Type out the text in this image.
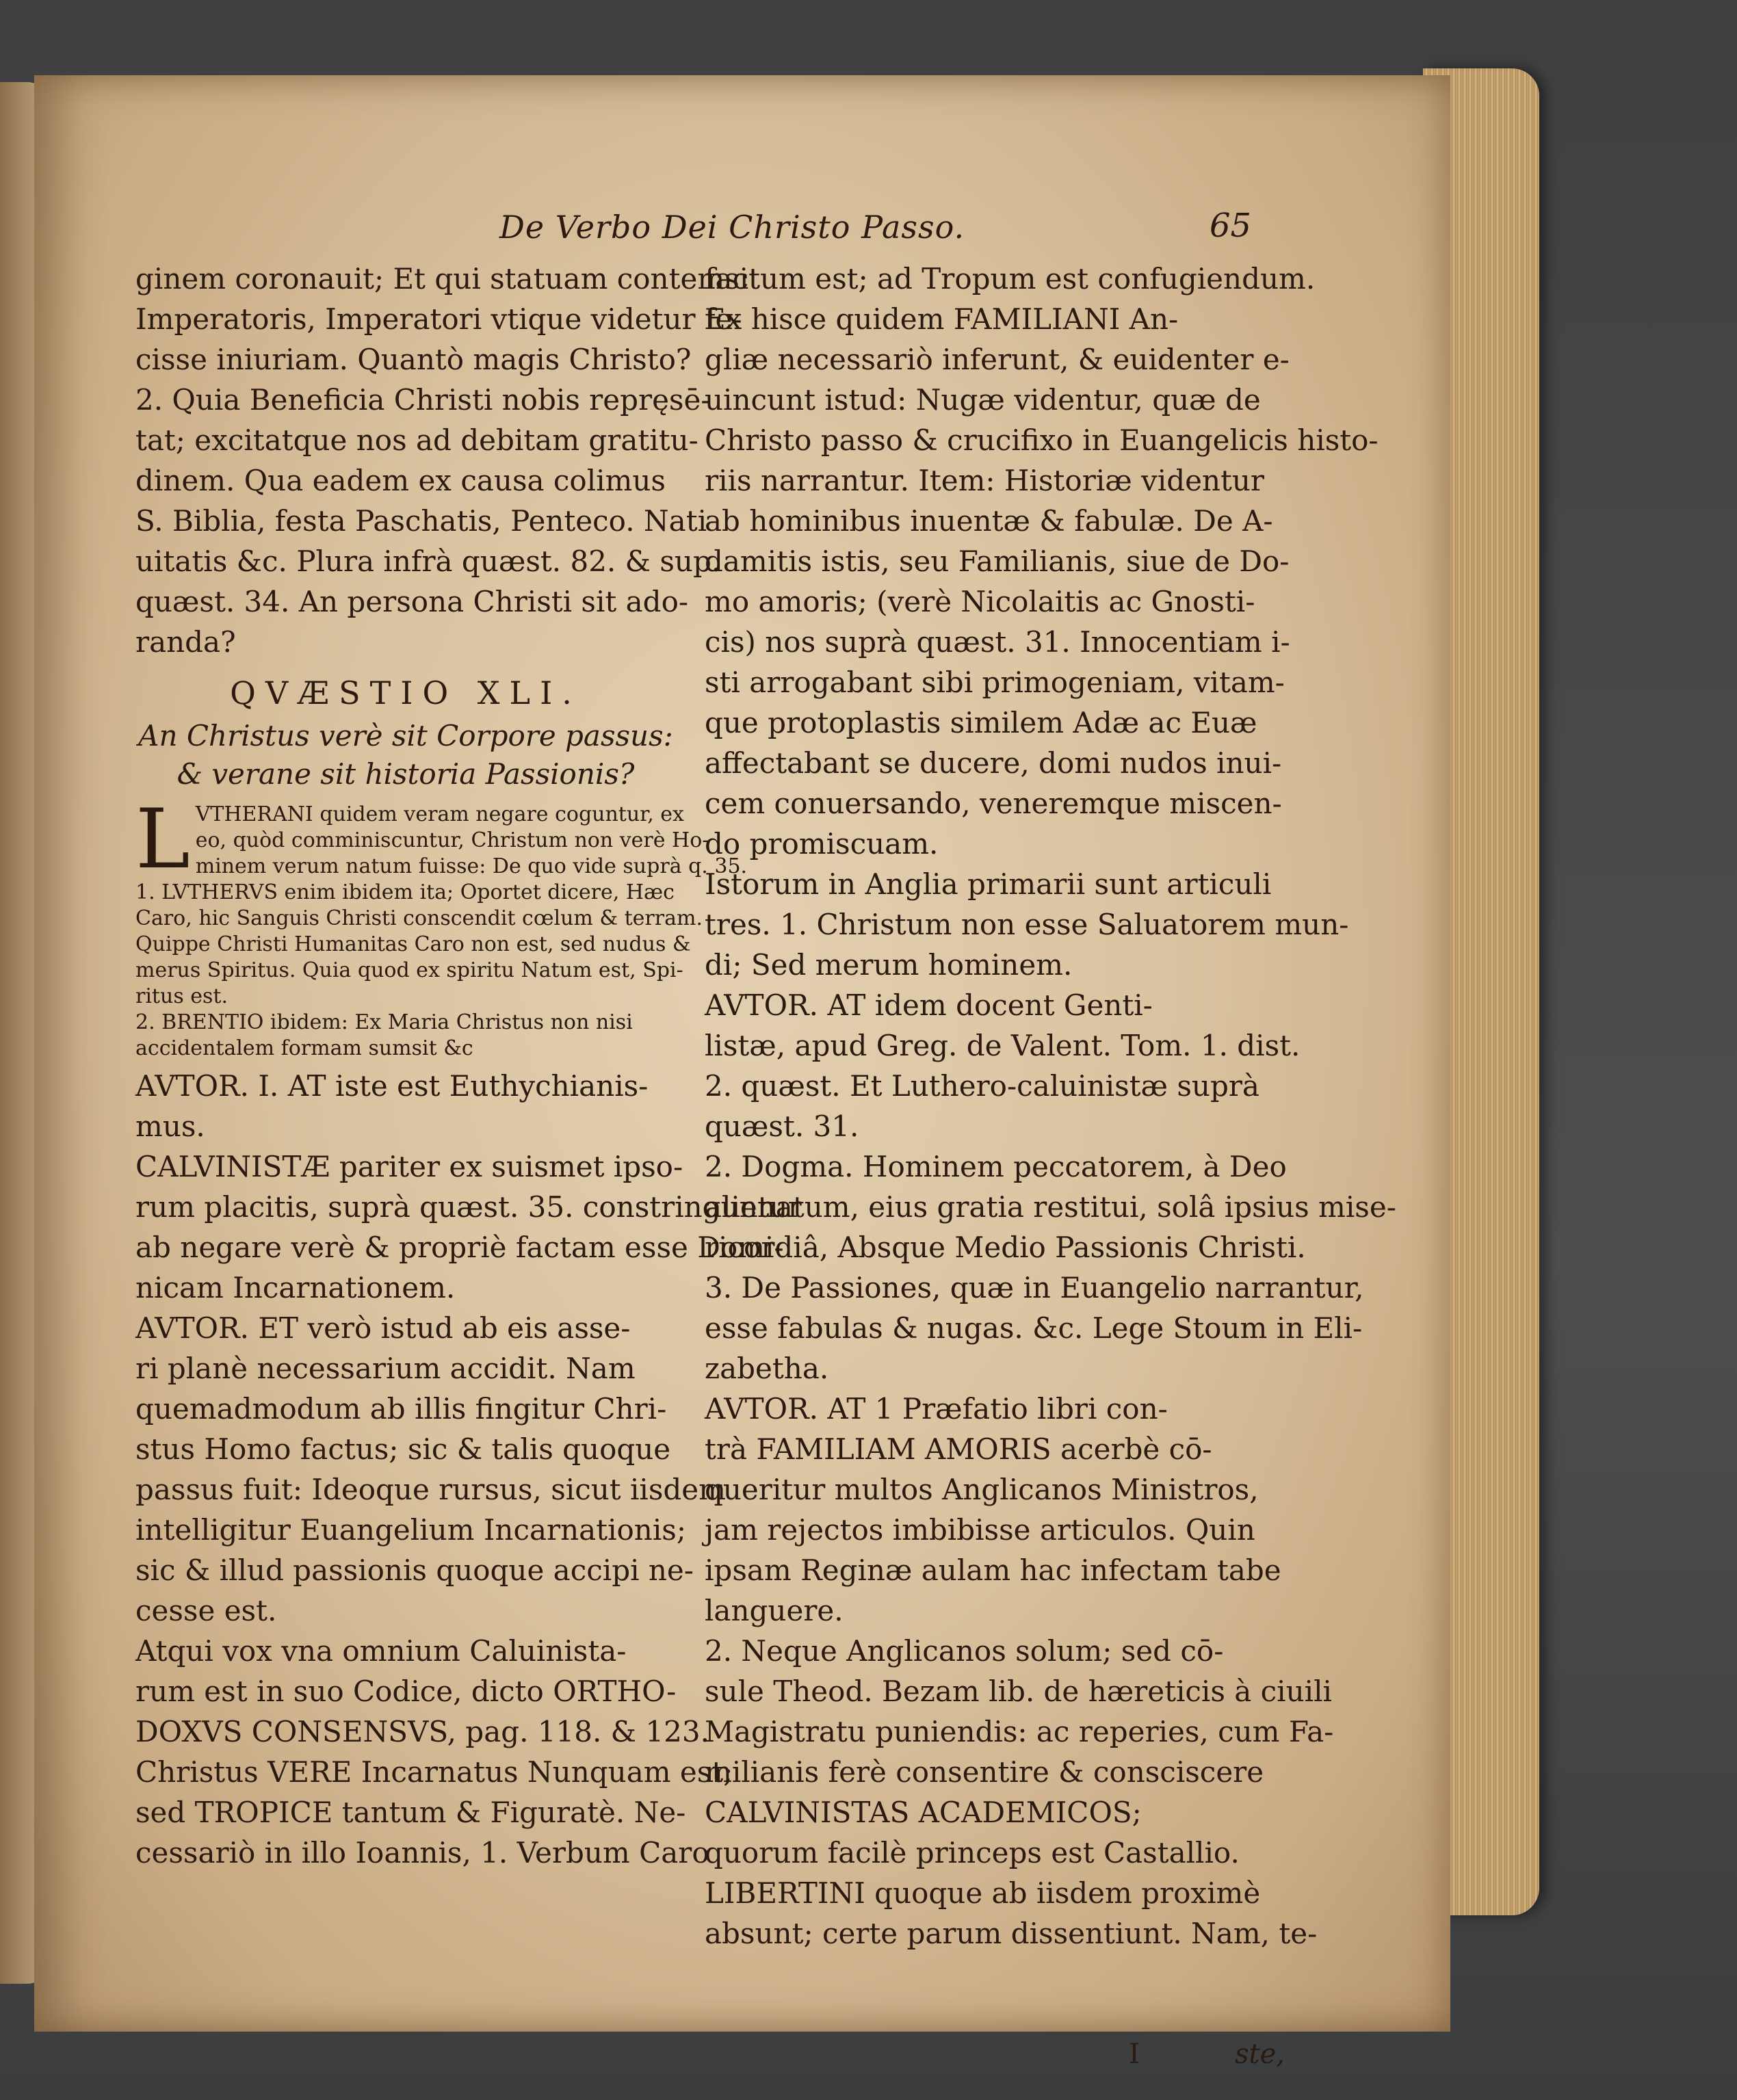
De Verbo Dei Christo Passo.	65
ginem coronauit; Et qui statuam contemsit
Imperatoris, Imperatori vtique videtur fe-
cisse iniuriam. Quantò magis Christo?
2. Quia Beneficia Christi nobis repręsē-
tat; excitatque nos ad debitam gratitu-
dinem. Qua eadem ex causa colimus
S. Biblia, festa Paschatis, Penteco. Nati
uitatis &c. Plura infrà quæst. 82. & sup.
quæst. 34. An persona Christi sit ado-
randa?
QVÆSTIO XLI.
An Christus verè sit Corpore passus:
& verane sit historia Passionis?
L VTHERANI quidem veram negare coguntur, ex
eo, quòd comminiscuntur, Christum non verè Ho-
minem verum natum fuisse: De quo vide suprà q. 35.
1. LVTHERVS enim ibidem ita; Oportet dicere, Hæc
Caro, hic Sanguis Christi conscendit cœlum & terram.
Quippe Christi Humanitas Caro non est, sed nudus &
merus Spiritus. Quia quod ex spiritu Natum est, Spi-
ritus est.
2. BRENTIO ibidem: Ex Maria Christus non nisi
accidentalem formam sumsit &c
AVTOR. I. AT iste est Euthychianis-
mus.
CALVINISTÆ pariter ex suismet ipso-
rum placitis, suprà quæst. 35. constringuntur
ab negare verè & propriè factam esse Domi-
nicam Incarnationem.
AVTOR. ET verò istud ab eis asse-
ri planè necessarium accidit. Nam
quemadmodum ab illis fingitur Chri-
stus Homo factus; sic & talis quoque
passus fuit: Ideoque rursus, sicut iisdem
intelligitur Euangelium Incarnationis;
sic & illud passionis quoque accipi ne-
cesse est.
Atqui vox vna omnium Caluinista-
rum est in suo Codice, dicto ORTHO-
DOXVS CONSENSVS, pag. 118. & 123.
Christus VERE Incarnatus Nunquam est;
sed TROPICE tantum & Figuratè. Ne-
cessariò in illo Ioannis, 1. Verbum Caro
factum est; ad Tropum est confugiendum.
Ex hisce quidem FAMILIANI An-
gliæ necessariò inferunt, & euidenter e-
uincunt istud: Nugæ videntur, quæ de
Christo passo & crucifixo in Euangelicis histo-
riis narrantur. Item: Historiæ videntur
ab hominibus inuentæ & fabulæ. De A-
damitis istis, seu Familianis, siue de Do-
mo amoris; (verè Nicolaitis ac Gnosti-
cis) nos suprà quæst. 31. Innocentiam i-
sti arrogabant sibi primogeniam, vitam-
que protoplastis similem Adæ ac Euæ
affectabant se ducere, domi nudos inui-
cem conuersando, veneremque miscen-
do promiscuam.
Istorum in Anglia primarii sunt articuli
tres. 1. Christum non esse Saluatorem mun-
di; Sed merum hominem.
AVTOR. AT idem docent Genti-
listæ, apud Greg. de Valent. Tom. 1. dist.
2. quæst. Et Luthero-caluinistæ suprà
quæst. 31.
2. Dogma. Hominem peccatorem, à Deo
alienatum, eius gratia restitui, solâ ipsius mise-
ricordiâ, Absque Medio Passionis Christi.
3. De Passiones, quæ in Euangelio narrantur,
esse fabulas & nugas. &c. Lege Stoum in Eli-
zabetha.
AVTOR. AT 1 Præfatio libri con-
trà FAMILIAM AMORIS acerbè cō-
queritur multos Anglicanos Ministros,
jam rejectos imbibisse articulos. Quin
ipsam Reginæ aulam hac infectam tabe
languere.
2. Neque Anglicanos solum; sed cō-
sule Theod. Bezam lib. de hæreticis à ciuili
Magistratu puniendis: ac reperies, cum Fa-
milianis ferè consentire & consciscere
CALVINISTAS ACADEMICOS;
quorum facilè princeps est Castallio.
LIBERTINI quoque ab iisdem proximè
absunt; certe parum dissentiunt. Nam, te-
I	ste,
